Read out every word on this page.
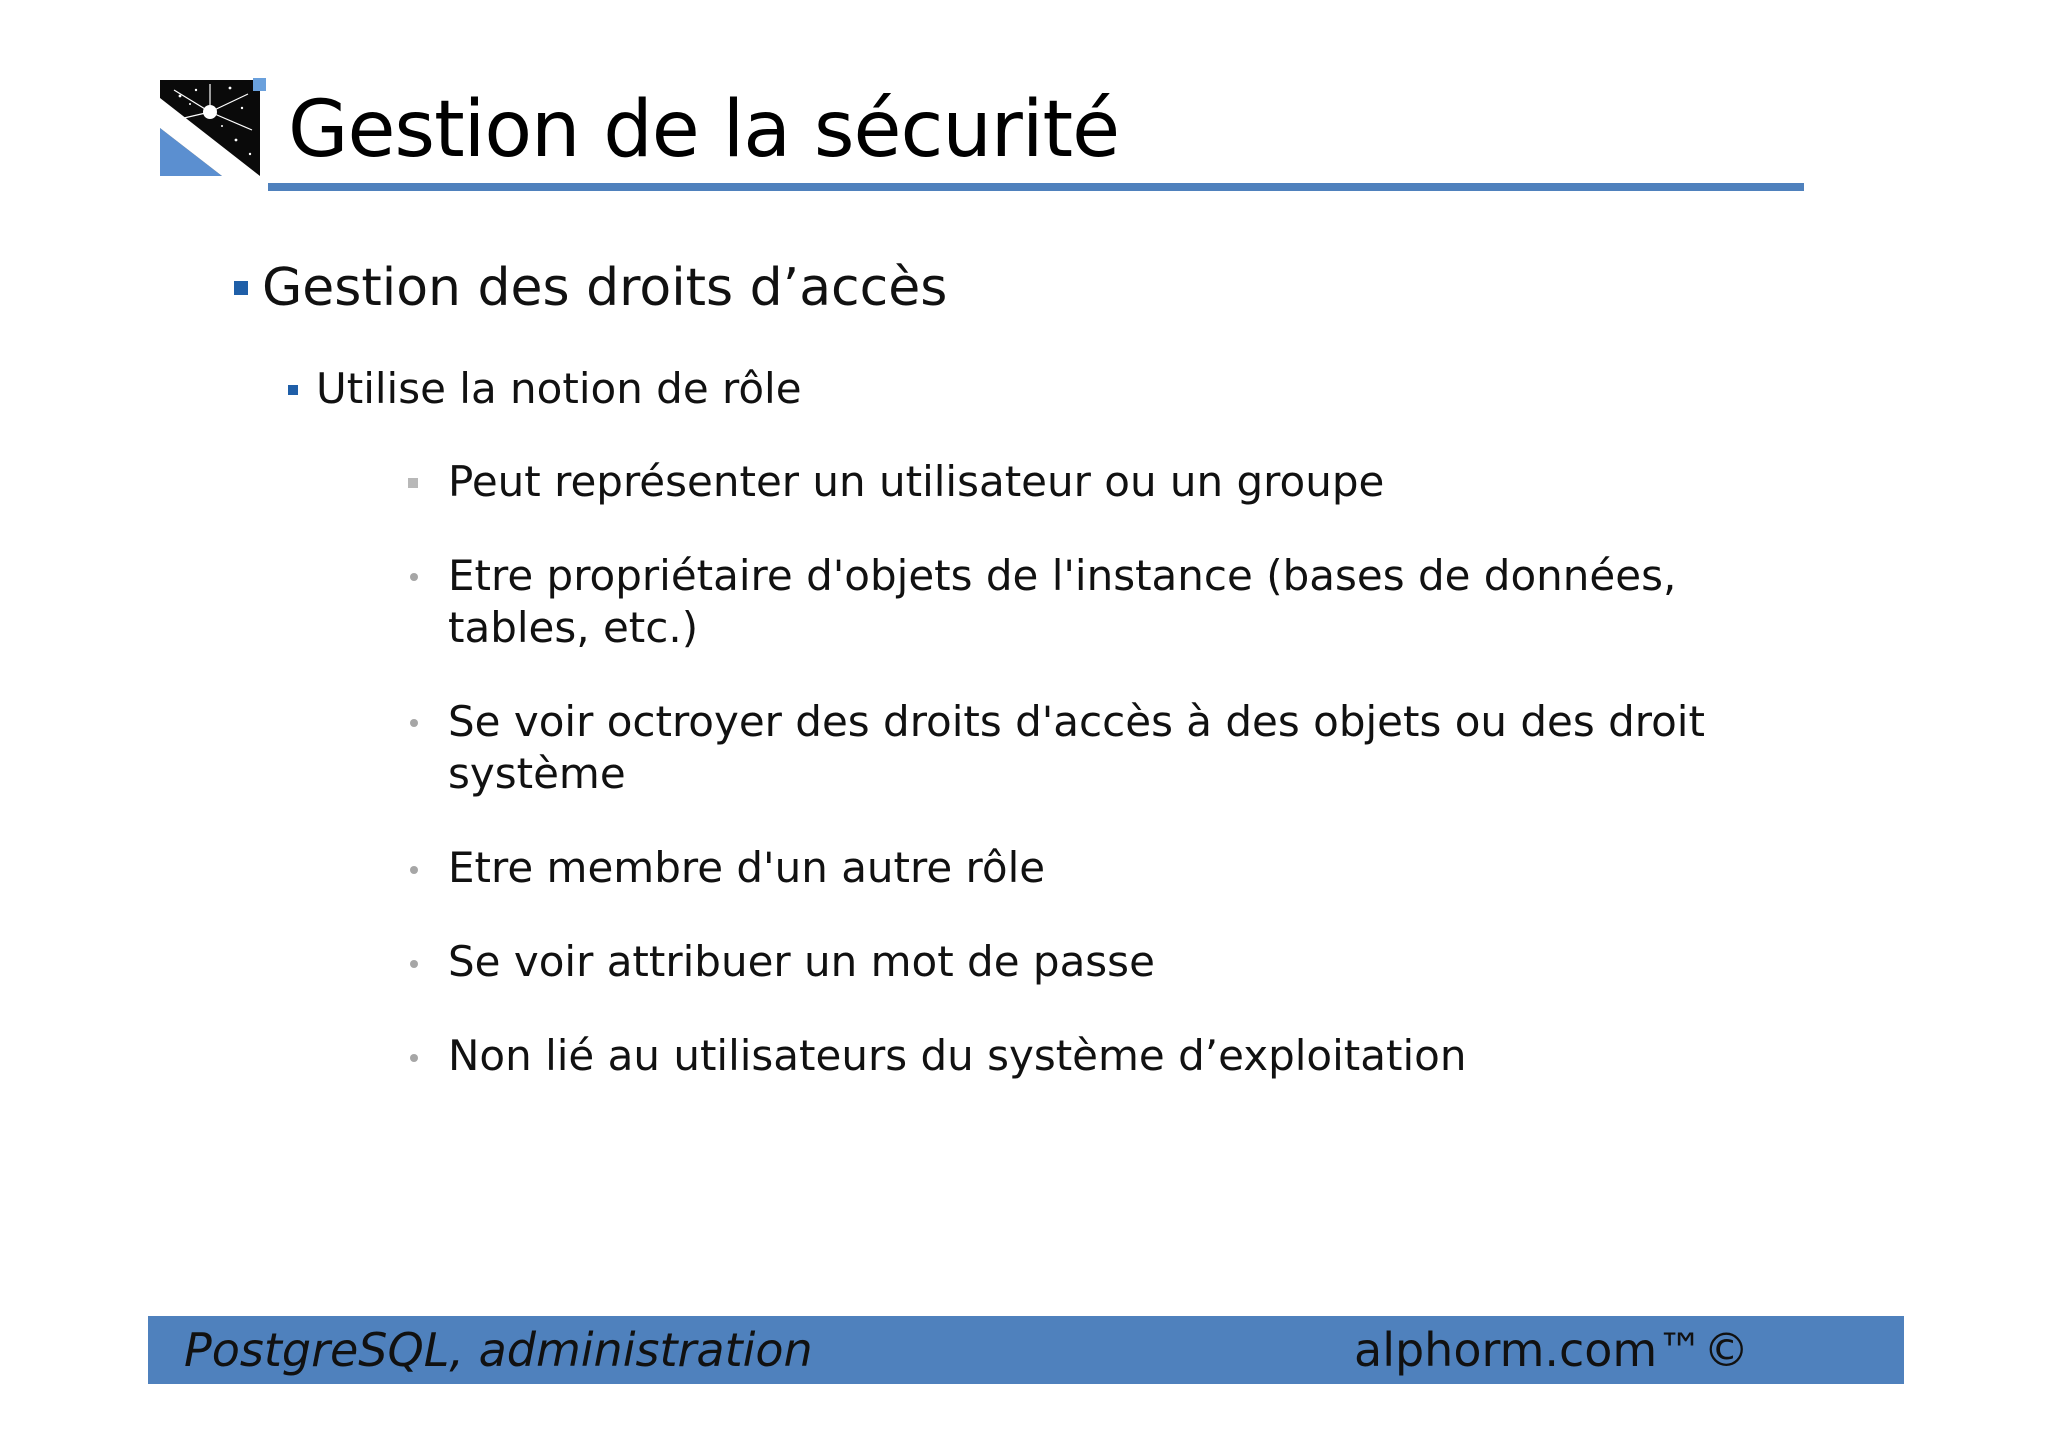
Gestion de la sécurité
Gestion des droits d’accès
Utilise la notion de rôle
Peut représenter un utilisateur ou un groupe
Etre propriétaire d'objets de l'instance (bases de données,
tables, etc.)
Se voir octroyer des droits d'accès à des objets ou des droit
système
Etre membre d'un autre rôle
Se voir attribuer un mot de passe
Non lié au utilisateurs du système d’exploitation
PostgreSQL, administration	alphorm.com™©
